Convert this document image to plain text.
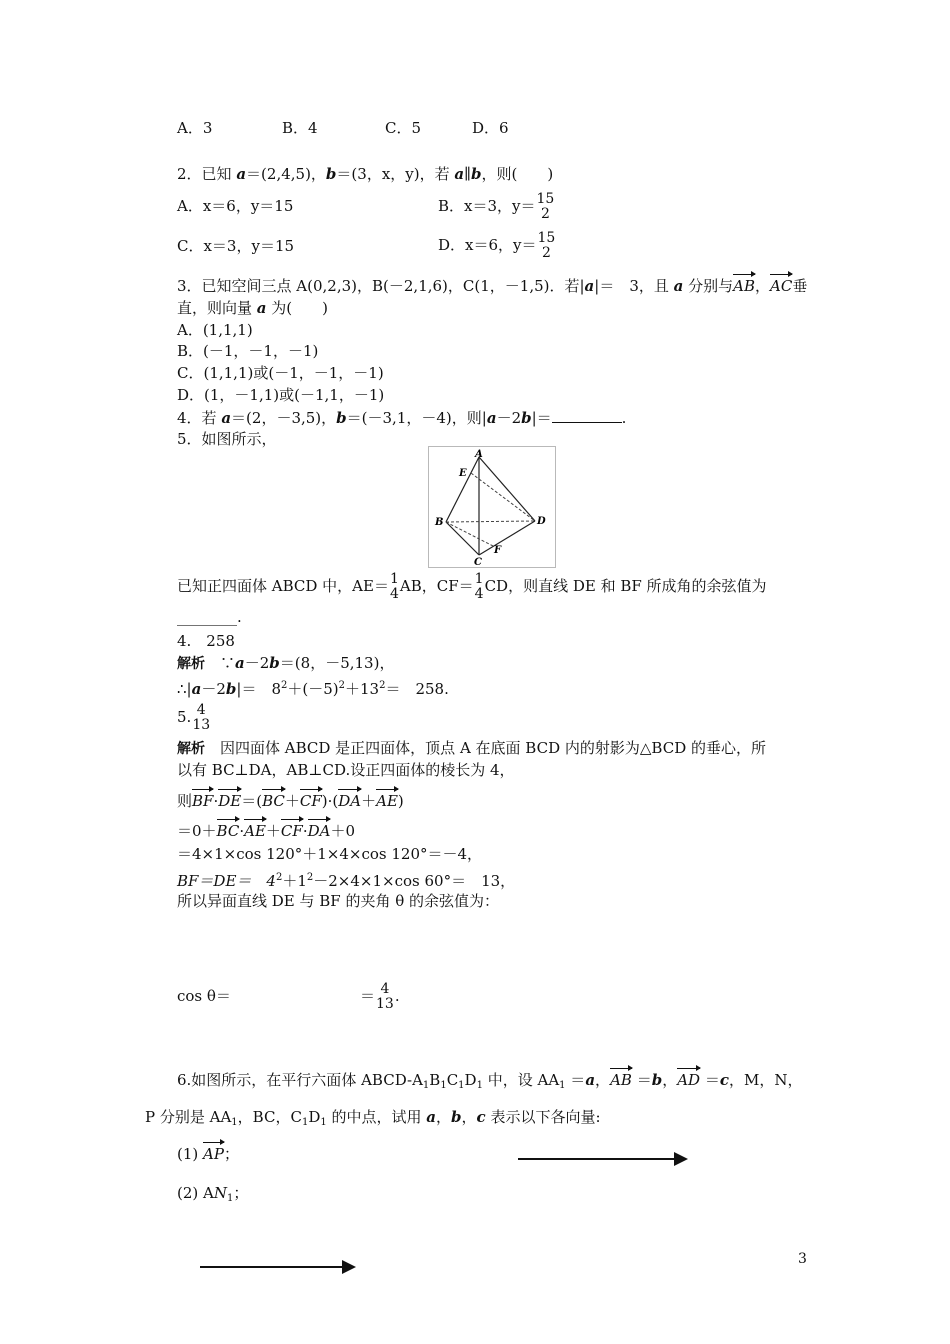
A．3	B．4	C．5	D．6
2．已知 a＝(2,4,5)，b＝(3，x，y)，若 a∥b，则(　　)
A．x＝6，y＝15	B．x＝3，y＝ 15
2
C．x＝3，y＝15	D．x＝6，y＝ 15
2
3．已知空间三点 A(0,2,3)，B(－2,1,6)，C(1，－1,5)．若|a|＝　3，且 a 分别与AB，AC垂
直，则向量 a 为(　　)
A．(1,1,1)
B．(－1，－1，－1)
C．(1,1,1)或(－1，－1，－1)
D．(1，－1,1)或(－1,1，－1)
4．若 a＝(2，－3,5)，b＝(－3,1，－4)，则|a－2b|＝	.
5．如图所示，
A
E
B	D
F
C
已知正四面体 ABCD 中，AE＝ 1
4 AB，CF＝ 1
4 CD，则直线 DE 和 BF 所成角的余弦值为
________.
4.　258
解析　∵a－2b＝(8，－5,13)，
∴|a－2b|＝　$8^2+(-5)^2+13^2=$　258.
5. 4
13
解析　因四面体 ABCD 是正四面体，顶点 A 在底面 BCD 内的射影为△BCD 的垂心，所
以有 BC⊥DA，AB⊥CD.设正四面体的棱长为 4，
则BF·DE＝(BC＋CF)·(DA＋AE)
＝0＋BC·AE＋CF·DA＋0
＝4×1×cos 120°＋1×4×cos 120°＝－4，
BF＝DE＝　$4^2+1^2-2\times 4\times 1\times\cos$ 60°＝　13，
所以异面直线 DE 与 BF 的夹角 θ 的余弦值为：
cos θ＝	＝ 4
13 .
6.如图所示，在平行六面体 ABCD-$A_1B_1C_1D_1$ 中，设 $AA_1 =a$，AB ＝b，AD ＝c，M，N，
P 分别是 $AA_1$，BC，$C_1D_1$ 的中点，试用 a，b，c 表示以下各向量:
(1) AP；
(2) $AN_1$；
3
